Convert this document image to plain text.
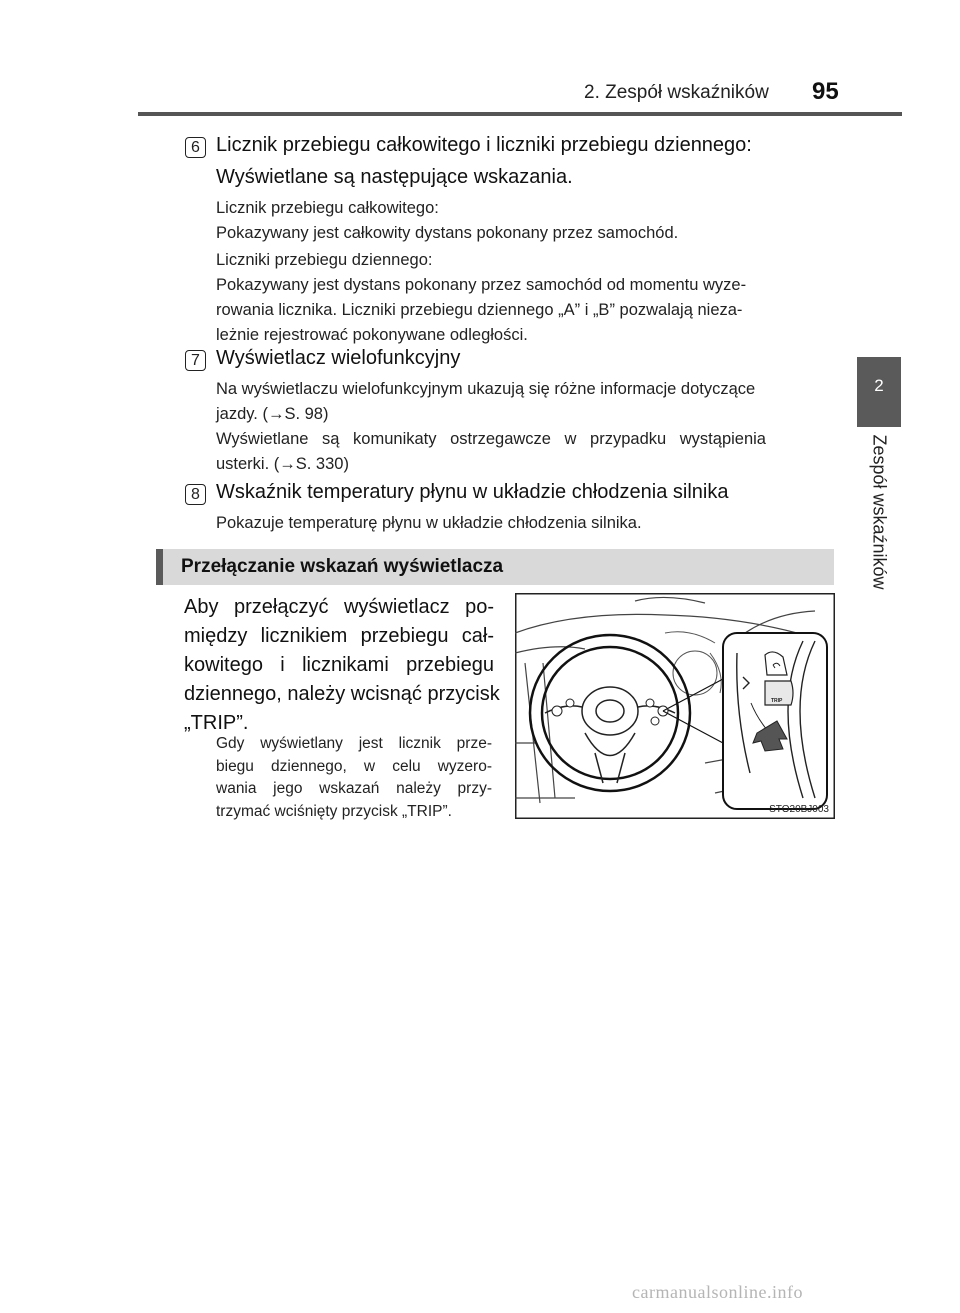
2. Zespół wskaźników 95
2
Zespół wskaźników
6 Licznik przebiegu całkowitego i liczniki przebiegu dziennego:
Wyświetlane są następujące wskazania.
Licznik przebiegu całkowitego:
Pokazywany jest całkowity dystans pokonany przez samochód.
Liczniki przebiegu dziennego:
Pokazywany jest dystans pokonany przez samochód od momentu wyze-
rowania licznika. Liczniki przebiegu dziennego „A” i „B” pozwalają nieza-
leżnie rejestrować pokonywane odległości.
7 Wyświetlacz wielofunkcyjny
Na wyświetlaczu wielofunkcyjnym ukazują się różne informacje dotyczące
jazdy. (→S. 98)
Wyświetlane są komunikaty ostrzegawcze w przypadku wystąpienia
usterki. (→S. 330)
8 Wskaźnik temperatury płynu w układzie chłodzenia silnika
Pokazuje temperaturę płynu w układzie chłodzenia silnika.
Przełączanie wskazań wyświetlacza
Aby przełączyć wyświetlacz po-
między licznikiem przebiegu cał-
kowitego i licznikami przebiegu
dziennego, należy wcisnąć przycisk
„TRIP”.
Gdy wyświetlany jest licznik prze-
biegu dziennego, w celu wyzero-
wania jego wskazań należy przy-
trzymać wciśnięty przycisk „TRIP”.
TRIP
STO20BJ003
carmanualsonline.info
